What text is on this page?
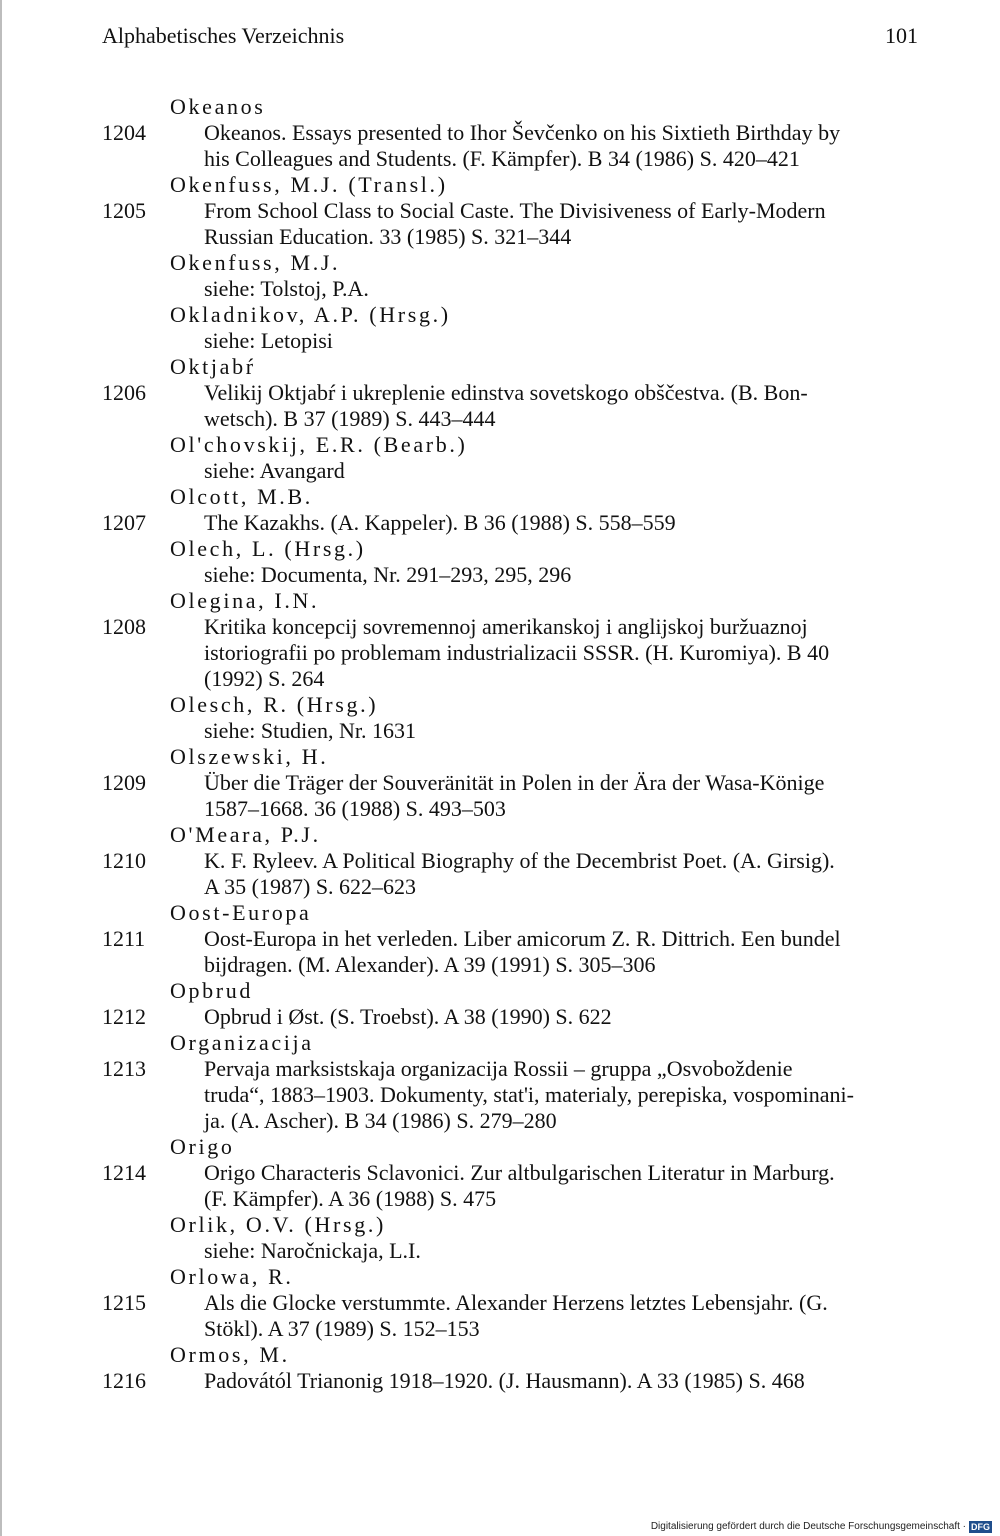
Alphabetisches Verzeichnis	101
Okeanos
1204	Okeanos. Essays presented to Ihor Ševčenko on his Sixtieth Birthday by
his Colleagues and Students. (F. Kämpfer). B 34 (1986) S. 420–421
Okenfuss, M.J. (Transl.)
1205	From School Class to Social Caste. The Divisiveness of Early-Modern
Russian Education. 33 (1985) S. 321–344
Okenfuss, M.J.
siehe: Tolstoj, P.A.
Okladnikov, A.P. (Hrsg.)
siehe: Letopisi
Oktjabŕ
1206	Velikij Oktjabŕ i ukreplenie edinstva sovetskogo obščestva. (B. Bon-
wetsch). B 37 (1989) S. 443–444
Ol'chovskij, E.R. (Bearb.)
siehe: Avangard
Olcott, M.B.
1207	The Kazakhs. (A. Kappeler). B 36 (1988) S. 558–559
Olech, L. (Hrsg.)
siehe: Documenta, Nr. 291–293, 295, 296
Olegina, I.N.
1208	Kritika koncepcij sovremennoj amerikanskoj i anglijskoj buržuaznoj
istoriografii po problemam industrializacii SSSR. (H. Kuromiya). B 40
(1992) S. 264
Olesch, R. (Hrsg.)
siehe: Studien, Nr. 1631
Olszewski, H.
1209	Über die Träger der Souveränität in Polen in der Ära der Wasa-Könige
1587–1668. 36 (1988) S. 493–503
O'Meara, P.J.
1210	K. F. Ryleev. A Political Biography of the Decembrist Poet. (A. Girsig).
A 35 (1987) S. 622–623
Oost-Europa
1211	Oost-Europa in het verleden. Liber amicorum Z. R. Dittrich. Een bundel
bijdragen. (M. Alexander). A 39 (1991) S. 305–306
Opbrud
1212	Opbrud i Øst. (S. Troebst). A 38 (1990) S. 622
Organizacija
1213	Pervaja marksistskaja organizacija Rossii – gruppa „Osvoboždenie
truda“, 1883–1903. Dokumenty, stat'i, materialy, perepiska, vospominani-
ja. (A. Ascher). B 34 (1986) S. 279–280
Origo
1214	Origo Characteris Sclavonici. Zur altbulgarischen Literatur in Marburg.
(F. Kämpfer). A 36 (1988) S. 475
Orlik, O.V. (Hrsg.)
siehe: Naročnickaja, L.I.
Orlowa, R.
1215	Als die Glocke verstummte. Alexander Herzens letztes Lebensjahr. (G.
Stökl). A 37 (1989) S. 152–153
Ormos, M.
1216	Padovától Trianonig 1918–1920. (J. Hausmann). A 33 (1985) S. 468
Digitalisierung gefördert durch die Deutsche Forschungsgemeinschaft · DFG
